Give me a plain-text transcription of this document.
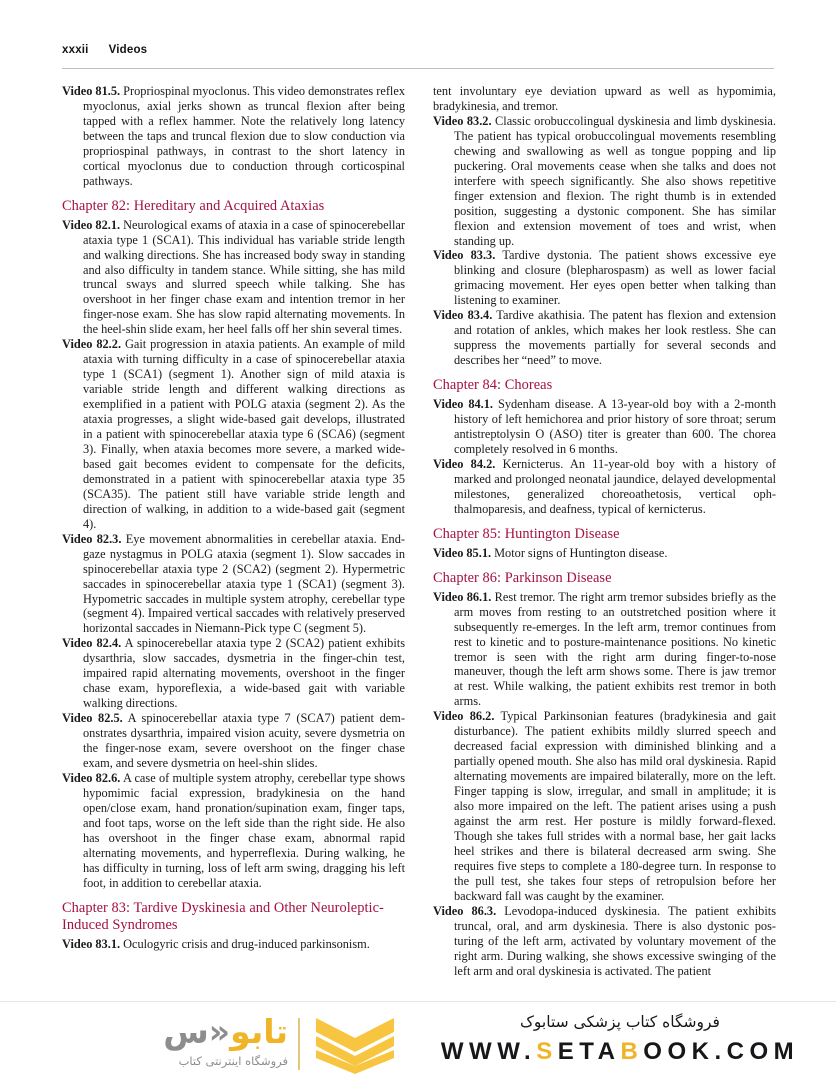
xxxii Videos

Video 81.5. Propriospinal myoclonus. This video demonstrates reflex myoclonus, axial jerks shown as truncal flexion after being tapped with a reflex hammer. Note the relatively long latency between the taps and truncal flexion due to slow conduction via propriospinal pathways, in contrast to the short latency in cortical myoclonus due to conduction through corticospinal pathways.

Chapter 82: Hereditary and Acquired Ataxias

Video 82.1. Neurological exams of ataxia in a case of spinocerebellar ataxia type 1 (SCA1). This individual has variable stride length and walking directions. She has increased body sway in standing and also difficulty in tandem stance. While sitting, she has mild truncal sways and slurred speech while talking. She has overshoot in her finger chase exam and intention tremor in her finger-nose exam. She has slow rapid alternating movements. In the heel-shin slide exam, her heel falls off her shin several times.

Video 82.2. Gait progression in ataxia patients. An example of mild ataxia with turning difficulty in a case of spinocerebellar ataxia type 1 (SCA1) (segment 1). Another sign of mild ataxia is variable stride length and different walking directions as exemplified in a patient with POLG ataxia (segment 2). As the ataxia progresses, a slight wide-based gait develops, illustrated in a patient with spinocerebellar ataxia type 6 (SCA6) (segment 3). Finally, when ataxia becomes more severe, a marked wide-based gait becomes evident to compensate for the deficits, demonstrated in a patient with spinocerebellar ataxia type 35 (SCA35). The patient still have variable stride length and direction of walking, in addition to a wide-based gait (segment 4).

Video 82.3. Eye movement abnormalities in cerebellar ataxia. End-gaze nystagmus in POLG ataxia (segment 1). Slow saccades in spinocerebellar ataxia type 2 (SCA2) (segment 2). Hypermetric saccades in spinocerebellar ataxia type 1 (SCA1) (segment 3). Hypometric saccades in multiple system atrophy, cerebellar type (segment 4). Impaired vertical saccades with relatively preserved horizontal saccades in Niemann-Pick type C (segment 5).

Video 82.4. A spinocerebellar ataxia type 2 (SCA2) patient exhibits dysarthria, slow saccades, dysmetria in the finger-chin test, impaired rapid alternating movements, overshoot in the finger chase exam, hyporeflexia, a wide-based gait with variable walking directions.

Video 82.5. A spinocerebellar ataxia type 7 (SCA7) patient demonstrates dysarthria, impaired vision acuity, severe dysmetria on the finger-nose exam, severe overshoot on the finger chase exam, and severe dysmetria on heel-shin slides.

Video 82.6. A case of multiple system atrophy, cerebellar type shows hypomimic facial expression, bradykinesia on the hand open/close exam, hand pronation/supination exam, finger taps, and foot taps, worse on the left side than the right side. He also has overshoot in the finger chase exam, abnormal rapid alternating movements, and hyperreflexia. During walking, he has difficulty in turning, loss of left arm swing, dragging his left foot, in addition to cerebellar ataxia.

Chapter 83: Tardive Dyskinesia and Other Neuroleptic-Induced Syndromes

Video 83.1. Oculogyric crisis and drug-induced parkinsonism.

tent involuntary eye deviation upward as well as hypomimia, bradykinesia, and tremor.

Video 83.2. Classic orobuccolingual dyskinesia and limb dyskinesia. The patient has typical orobuccolingual movements resembling chewing and swallowing as well as tongue popping and lip puckering. Oral movements cease when she talks and does not interfere with speech significantly. She also shows repetitive finger extension and flexion. The right thumb is in extended position, suggesting a dystonic component. She has similar flexion and extension movement of toes and wrist, when standing up.

Video 83.3. Tardive dystonia. The patient shows excessive eye blinking and closure (blepharospasm) as well as lower facial grimacing movement. Her eyes open better when talking than listening to examiner.

Video 83.4. Tardive akathisia. The patent has flexion and extension and rotation of ankles, which makes her look restless. She can suppress the movements partially for several seconds and describes her “need” to move.

Chapter 84: Choreas

Video 84.1. Sydenham disease. A 13-year-old boy with a 2-month history of left hemichorea and prior history of sore throat; serum antistreptolysin O (ASO) titer is greater than 600. The chorea completely resolved in 6 months.

Video 84.2. Kernicterus. An 11-year-old boy with a history of marked and prolonged neonatal jaundice, delayed developmental milestones, generalized choreoathetosis, vertical ophthalmoparesis, and deafness, typical of kernicterus.

Chapter 85: Huntington Disease

Video 85.1. Motor signs of Huntington disease.

Chapter 86: Parkinson Disease

Video 86.1. Rest tremor. The right arm tremor subsides briefly as the arm moves from resting to an outstretched position where it subsequently re-emerges. In the left arm, tremor continues from rest to kinetic and to posture-maintenance positions. No kinetic tremor is seen with the right arm during finger-to-nose maneuver, though the left arm shows some. There is jaw tremor at rest. While walking, the patient exhibits rest tremor in both arms.

Video 86.2. Typical Parkinsonian features (bradykinesia and gait disturbance). The patient exhibits mildly slurred speech and decreased facial expression with diminished blinking and a partially opened mouth. She also has mild oral dyskinesia. Rapid alternating movements are impaired bilaterally, more on the left. Finger tapping is slow, irregular, and small in amplitude; it is also more impaired on the left. The patient arises using a push against the arm rest. Her posture is mildly forward-flexed. Though she takes full strides with a normal base, her gait lacks heel strikes and there is bilateral decreased arm swing. She requires five steps to complete a 180-degree turn. In response to the pull test, she takes four steps of retropulsion before her backward fall was caught by the examiner.

Video 86.3. Levodopa-induced dyskinesia. The patient exhibits truncal, oral, and arm dyskinesia. There is also dystonic posturing of the left arm, activated by voluntary movement of the right arm. During walking, she shows excessive swinging of the left arm and oral dyskinesia is activated. The patient

تابو«س
فروشگاه اینترنتی کتاب
فروشگاه کتاب پزشکی ستابوک
WWW.SETABOOK.COM
